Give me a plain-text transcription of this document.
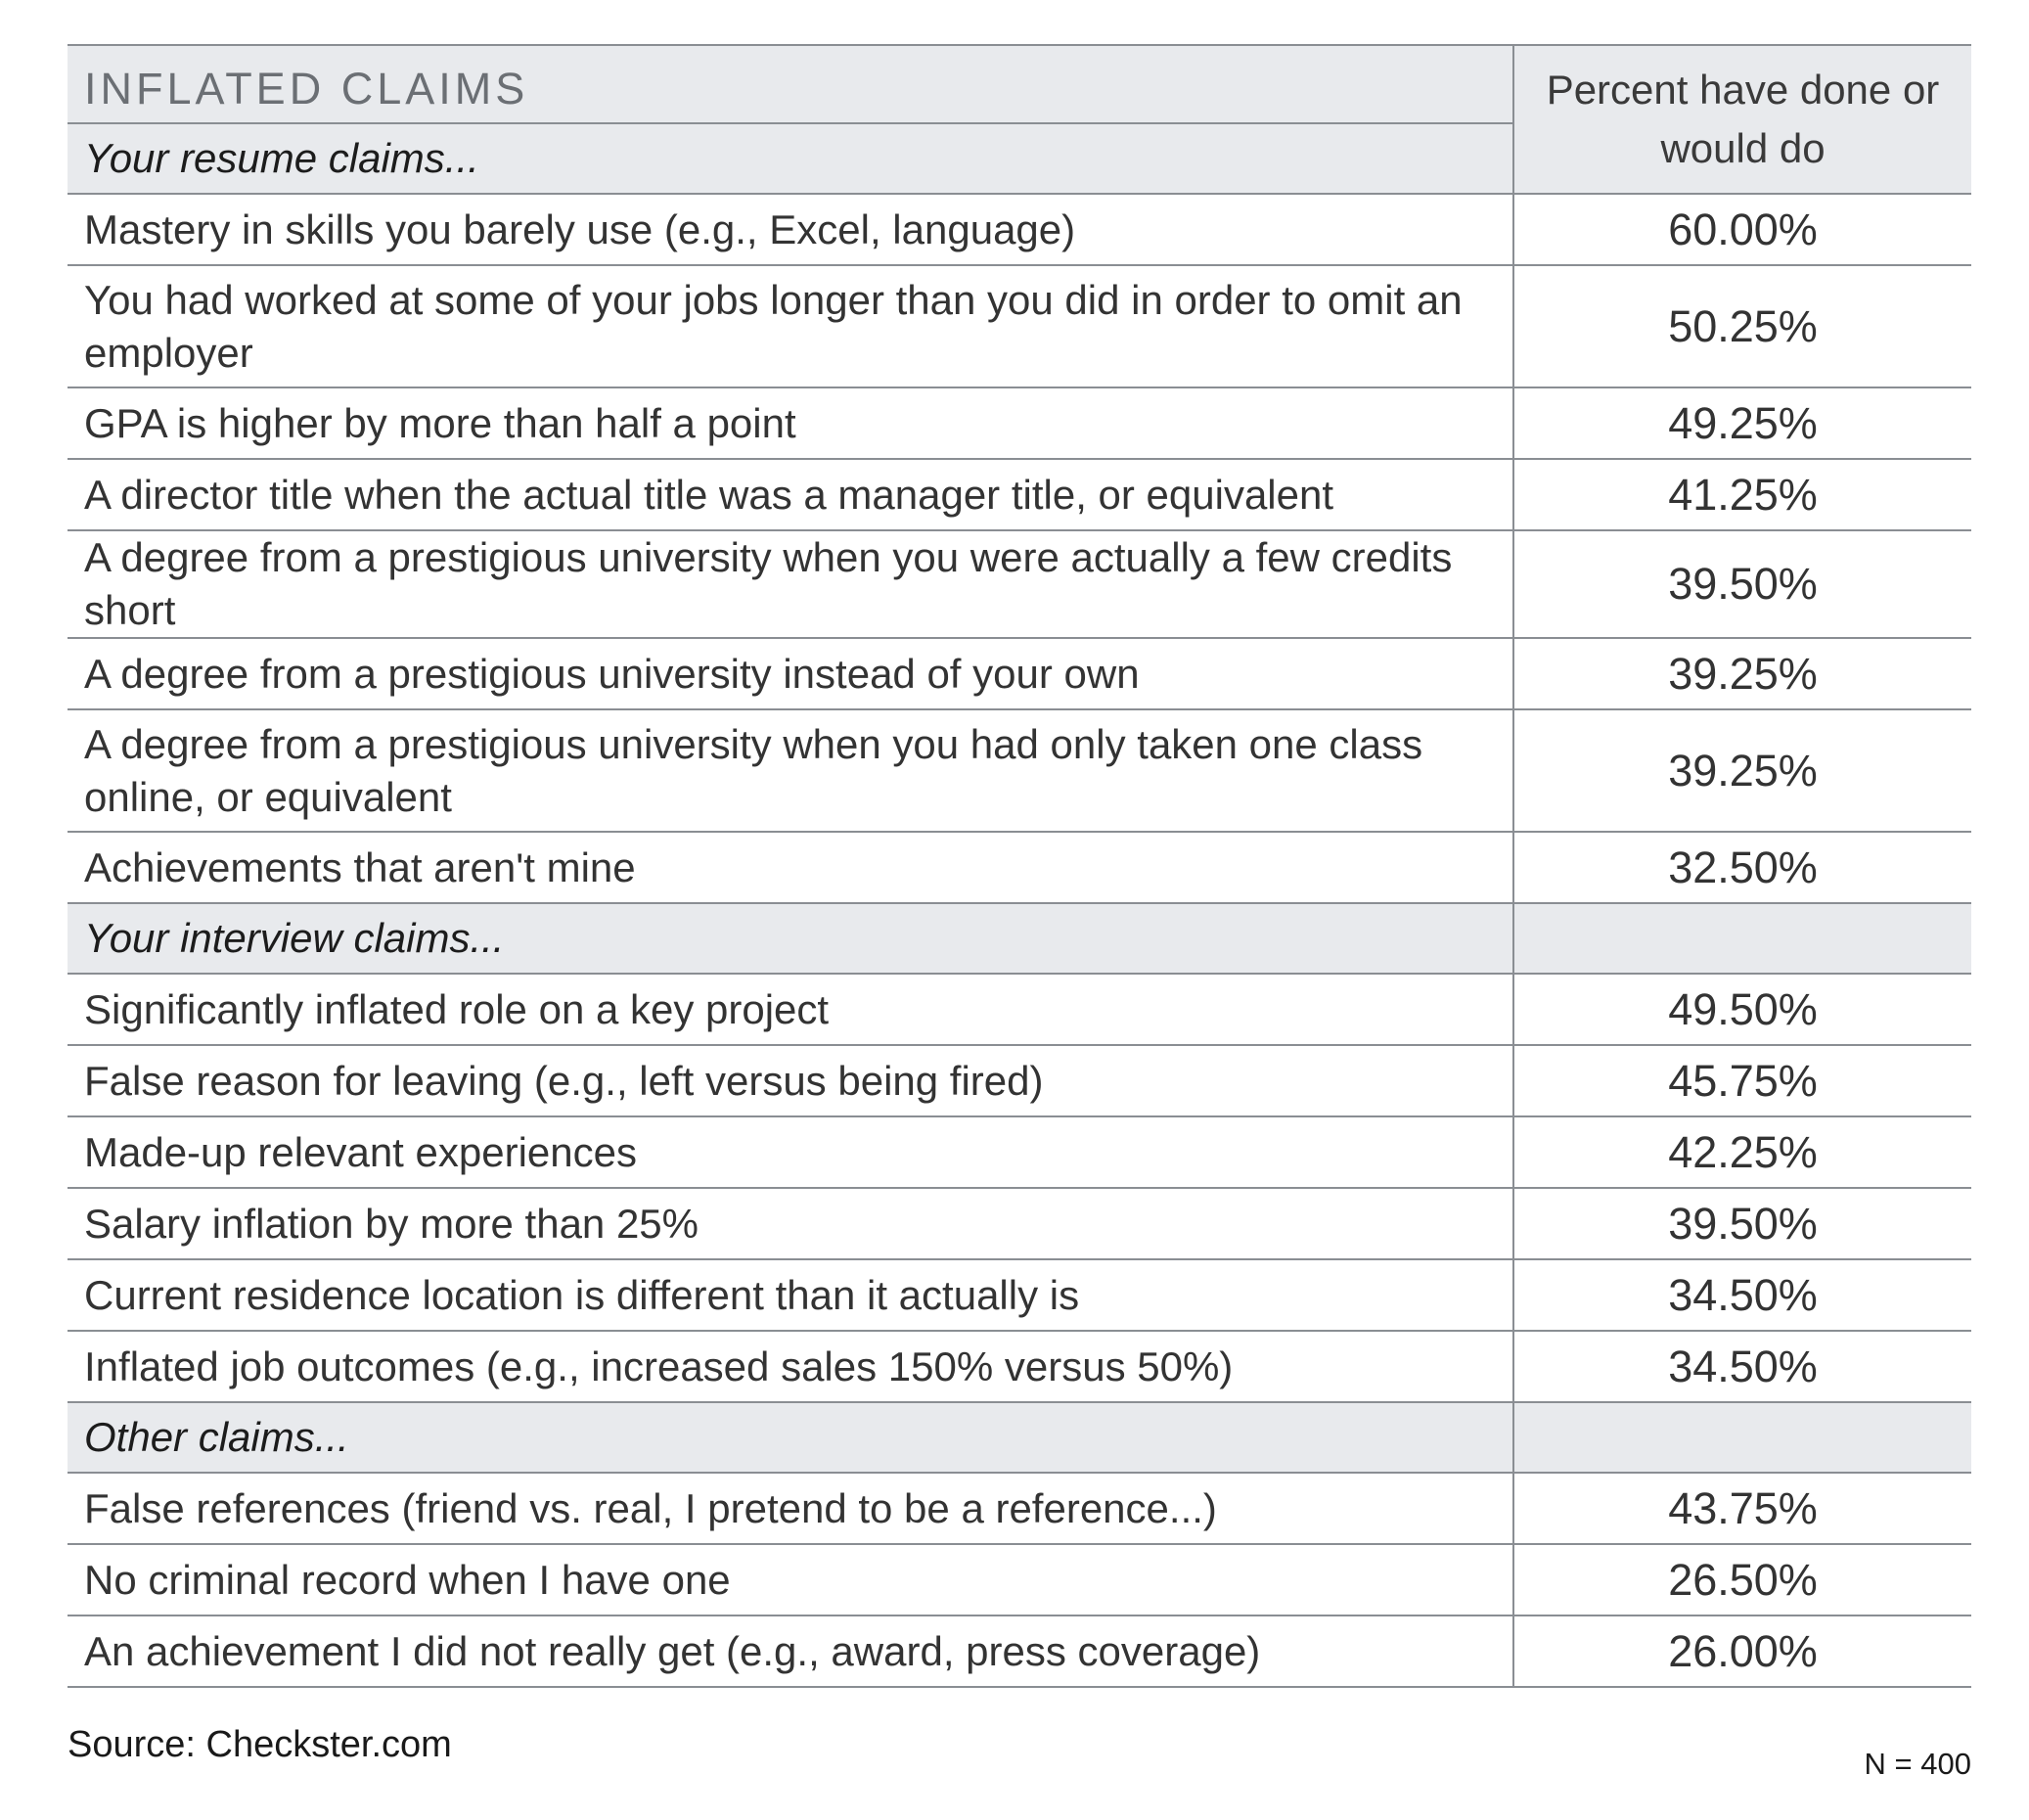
INFLATED CLAIMS	Percent have done or would do
Your resume claims...	
Mastery in skills you barely use (e.g., Excel, language)	60.00%
You had worked at some of your jobs longer than you did in order to omit an employer	50.25%
GPA is higher by more than half a point	49.25%
A director title when the actual title was a manager title, or equivalent	41.25%
A degree from a prestigious university when you were actually a few credits short	39.50%
A degree from a prestigious university instead of your own	39.25%
A degree from a prestigious university when you had only taken one class online, or equivalent	39.25%
Achievements that aren't mine	32.50%
Your interview claims...	
Significantly inflated role on a key project	49.50%
False reason for leaving (e.g., left versus being fired)	45.75%
Made-up relevant experiences	42.25%
Salary inflation by more than 25%	39.50%
Current residence location is different than it actually is	34.50%
Inflated job outcomes (e.g., increased sales 150% versus 50%)	34.50%
Other claims...	
False references (friend vs. real, I pretend to be a reference...)	43.75%
No criminal record when I have one	26.50%
An achievement I did not really get (e.g., award, press coverage)	26.00%
Source: Checkster.com	N = 400
